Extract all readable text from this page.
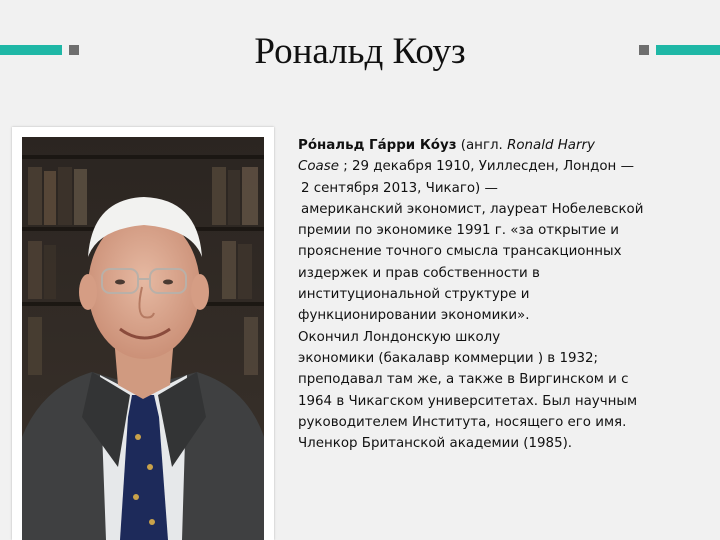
Рональд Коуз
Ро́нальд Га́рри Ко́уз (англ. Ronald Harry
Coase ; 29 декабря 1910, Уиллесден, Лондон —
2 сентября 2013, Чикаго) —
американский экономист, лауреат Нобелевской
премии по экономике 1991 г. «за открытие и
прояснение точного смысла трансакционных
издержек и прав собственности в
институциональной структуре и
функционировании экономики».
Окончил Лондонскую школу
экономики (бакалавр коммерции ) в 1932;
преподавал там же, а также в Виргинском и с
1964 в Чикагском университетах. Был научным
руководителем Института, носящего его имя.
Членкор Британской академии (1985).
